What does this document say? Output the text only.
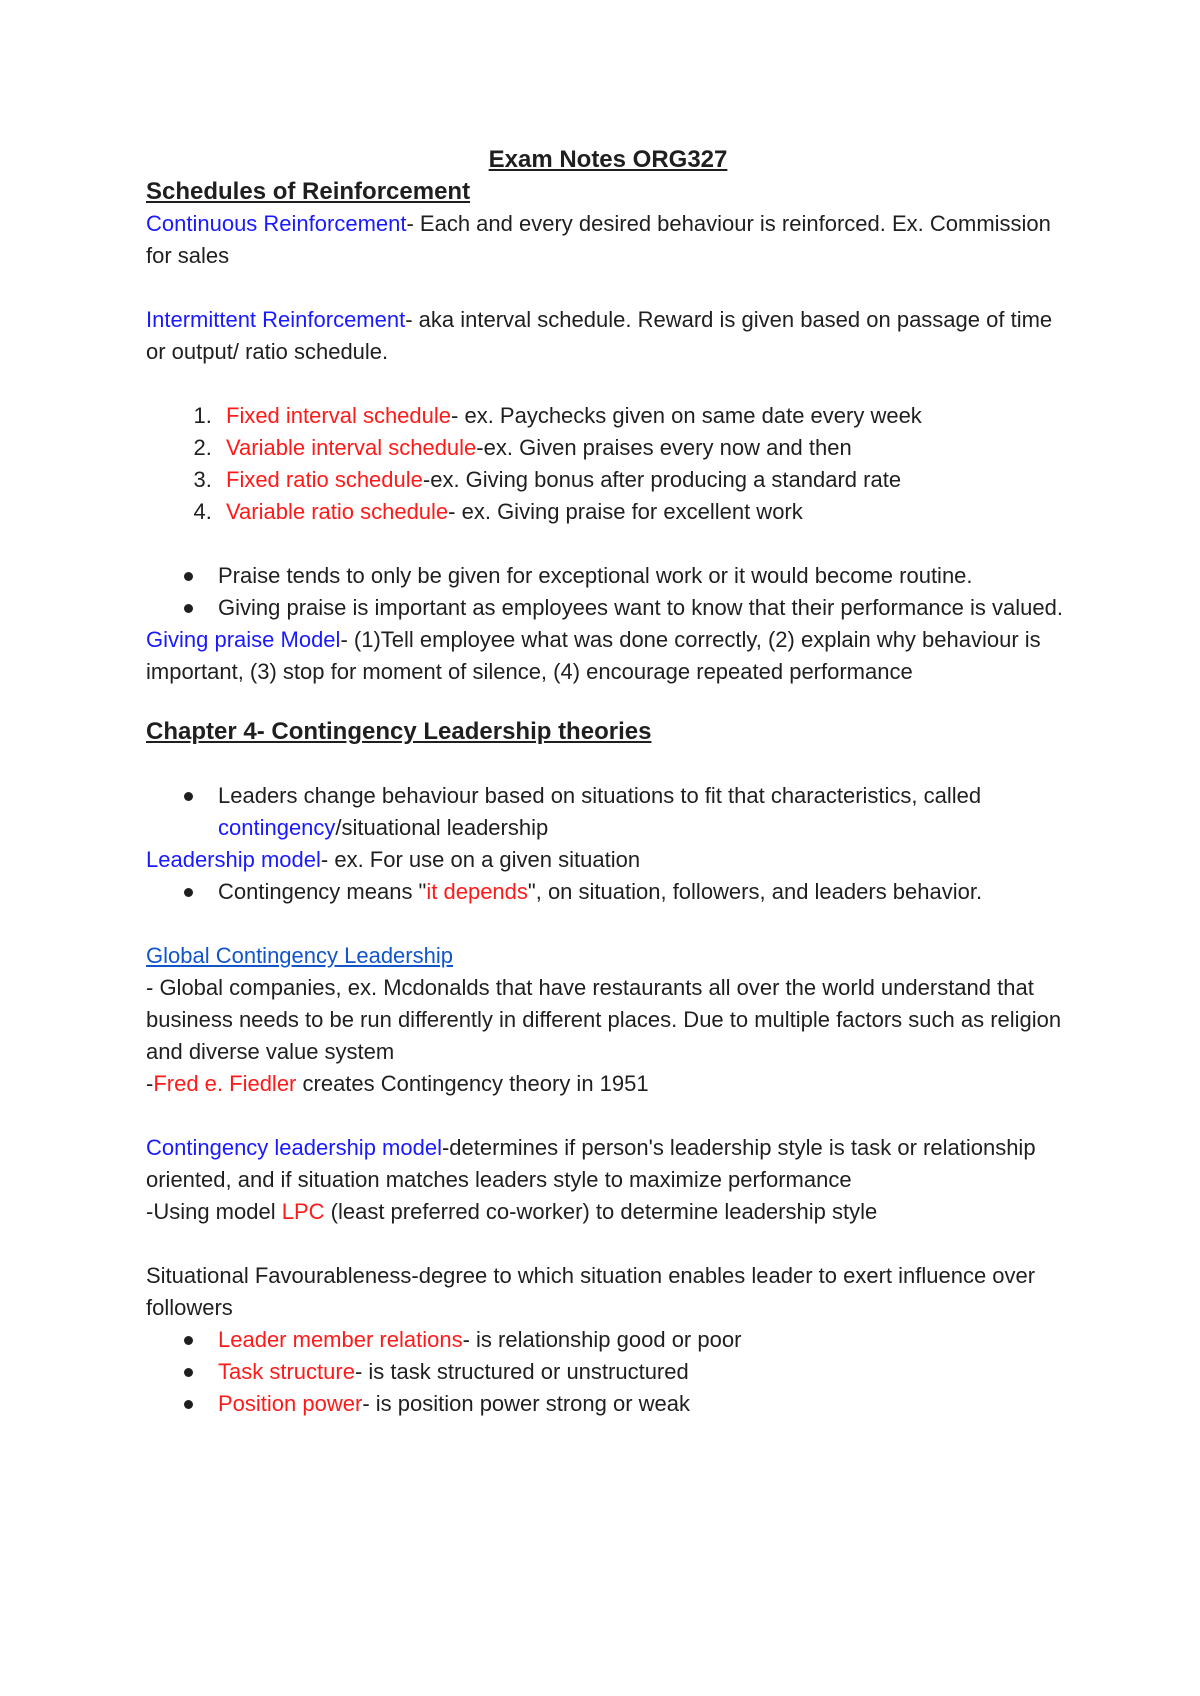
Exam Notes ORG327

Schedules of Reinforcement

Continuous Reinforcement- Each and every desired behaviour is reinforced. Ex. Commission for sales

Intermittent Reinforcement- aka interval schedule. Reward is given based on passage of time or output/ ratio schedule.

1. Fixed interval schedule- ex. Paychecks given on same date every week
2. Variable interval schedule-ex. Given praises every now and then
3. Fixed ratio schedule-ex. Giving bonus after producing a standard rate
4. Variable ratio schedule- ex. Giving praise for excellent work
Praise tends to only be given for exceptional work or it would become routine.
Giving praise is important as employees want to know that their performance is valued.

Giving praise Model- (1)Tell employee what was done correctly, (2) explain why behaviour is important, (3) stop for moment of silence, (4) encourage repeated performance

Chapter 4- Contingency Leadership theories

Leaders change behaviour based on situations to fit that characteristics, called contingency/situational leadership

Leadership model- ex. For use on a given situation

Contingency means "it depends", on situation, followers, and leaders behavior.

Global Contingency Leadership

- Global companies, ex. Mcdonalds that have restaurants all over the world understand that business needs to be run differently in different places. Due to multiple factors such as religion and diverse value system

-Fred e. Fiedler creates Contingency theory in 1951

Contingency leadership model-determines if person's leadership style is task or relationship oriented, and if situation matches leaders style to maximize performance

-Using model LPC (least preferred co-worker) to determine leadership style

Situational Favourableness-degree to which situation enables leader to exert influence over followers

Leader member relations- is relationship good or poor
Task structure- is task structured or unstructured
Position power- is position power strong or weak
